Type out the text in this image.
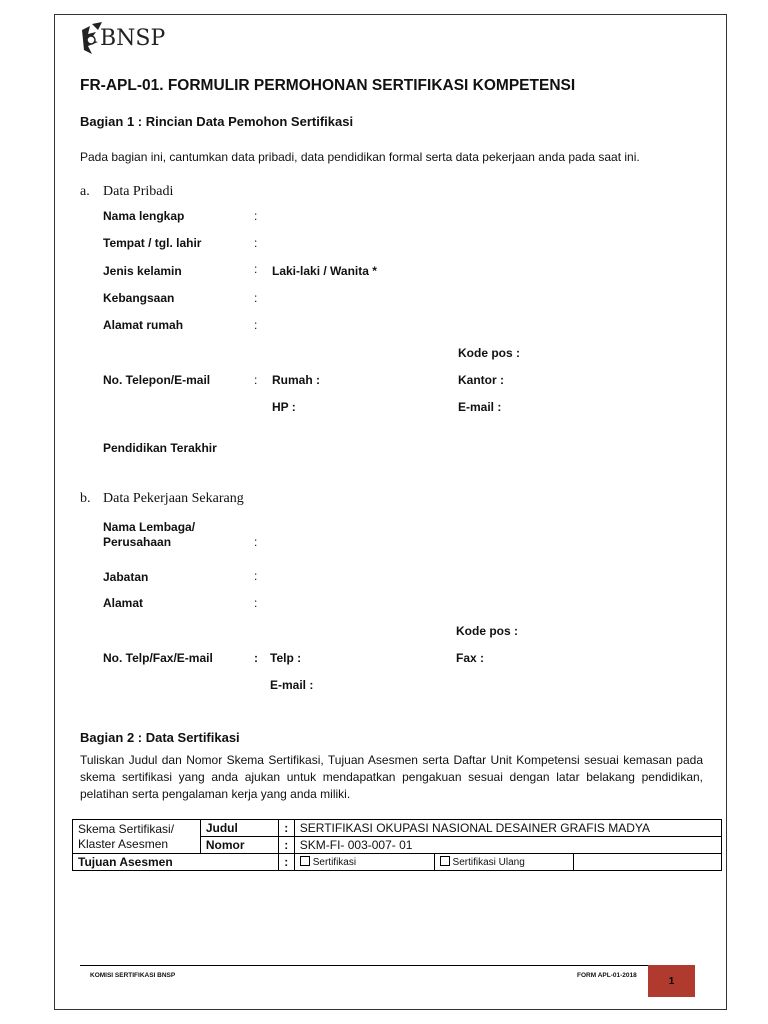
BNSP
FR-APL-01. FORMULIR PERMOHONAN SERTIFIKASI KOMPETENSI
Bagian 1 : Rincian Data Pemohon Sertifikasi
Pada bagian ini, cantumkan data pribadi, data pendidikan formal serta data pekerjaan anda pada saat ini.
a. Data Pribadi
Nama lengkap	:
Tempat / tgl. lahir	:
Jenis kelamin	: Laki-laki / Wanita *
Kebangsaan	:
Alamat rumah	:
Kode pos :
No. Telepon/E-mail	: Rumah :	Kantor :
HP :	E-mail :
Pendidikan Terakhir
b. Data Pekerjaan Sekarang
Nama Lembaga/
Perusahaan	:
Jabatan	:
Alamat	:
Kode pos :
No. Telp/Fax/E-mail	: Telp :	Fax :
E-mail :
Bagian 2 : Data Sertifikasi
Tuliskan Judul dan Nomor Skema Sertifikasi, Tujuan Asesmen serta Daftar Unit Kompetensi sesuai kemasan pada skema sertifikasi yang anda ajukan untuk mendapatkan pengakuan sesuai dengan latar belakang pendidikan, pelatihan serta pengalaman kerja yang anda miliki.
Skema Sertifikasi/
Klaster Asesmen	Judul	:	SERTIFIKASI OKUPASI NASIONAL DESAINER GRAFIS MADYA		
	Nomor	:	SKM-FI- 003-007- 01		
Tujuan Asesmen		:	Sertifikasi	Sertifikasi Ulang	
KOMISI SERTIFIKASI BNSP	FORM APL-01-2018	1
